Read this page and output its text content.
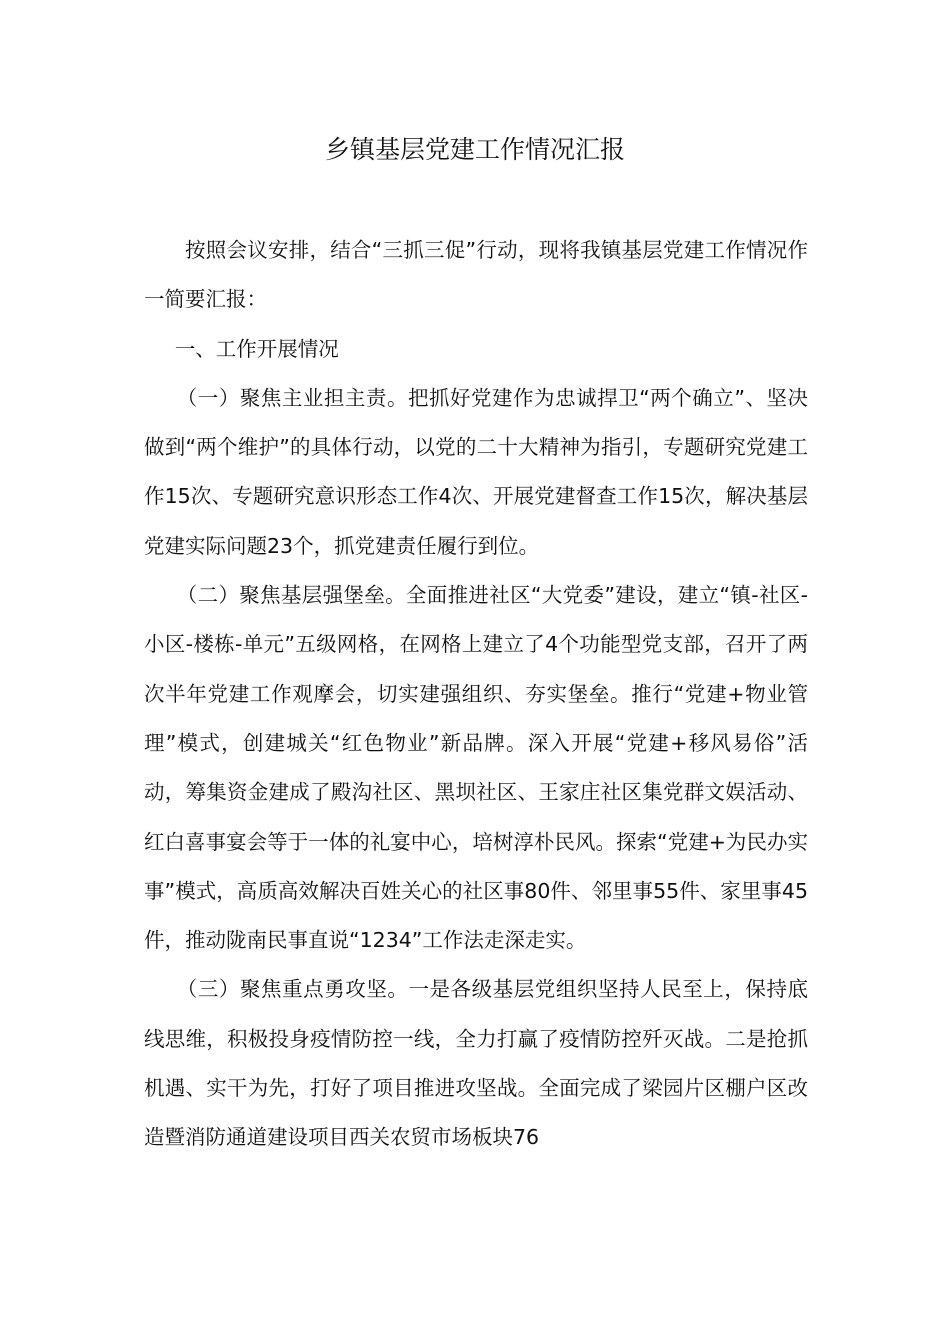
乡镇基层党建工作情况汇报

按照会议安排，结合“三抓三促”行动，现将我镇基层党建工作情况作一简要汇报：

一、工作开展情况

（一）聚焦主业担主责。把抓好党建作为忠诚捍卫“两个确立”、坚决做到“两个维护”的具体行动，以党的二十大精神为指引，专题研究党建工作15次、专题研究意识形态工作4次、开展党建督查工作15次，解决基层党建实际问题23个，抓党建责任履行到位。

（二）聚焦基层强堡垒。全面推进社区“大党委”建设，建立“镇-社区-小区-楼栋-单元”五级网格，在网格上建立了4个功能型党支部，召开了两次半年党建工作观摩会，切实建强组织、夯实堡垒。推行“党建+物业管理”模式，创建城关“红色物业”新品牌。深入开展“党建+移风易俗”活动，筹集资金建成了殿沟社区、黑坝社区、王家庄社区集党群文娱活动、红白喜事宴会等于一体的礼宴中心，培树淳朴民风。探索“党建+为民办实事”模式，高质高效解决百姓关心的社区事80件、邻里事55件、家里事45件，推动陇南民事直说“1234”工作法走深走实。

（三）聚焦重点勇攻坚。一是各级基层党组织坚持人民至上，保持底线思维，积极投身疫情防控一线，全力打赢了疫情防控歼灭战。二是抢抓机遇、实干为先，打好了项目推进攻坚战。全面完成了梁园片区棚户区改造暨消防通道建设项目西关农贸市场板块76
